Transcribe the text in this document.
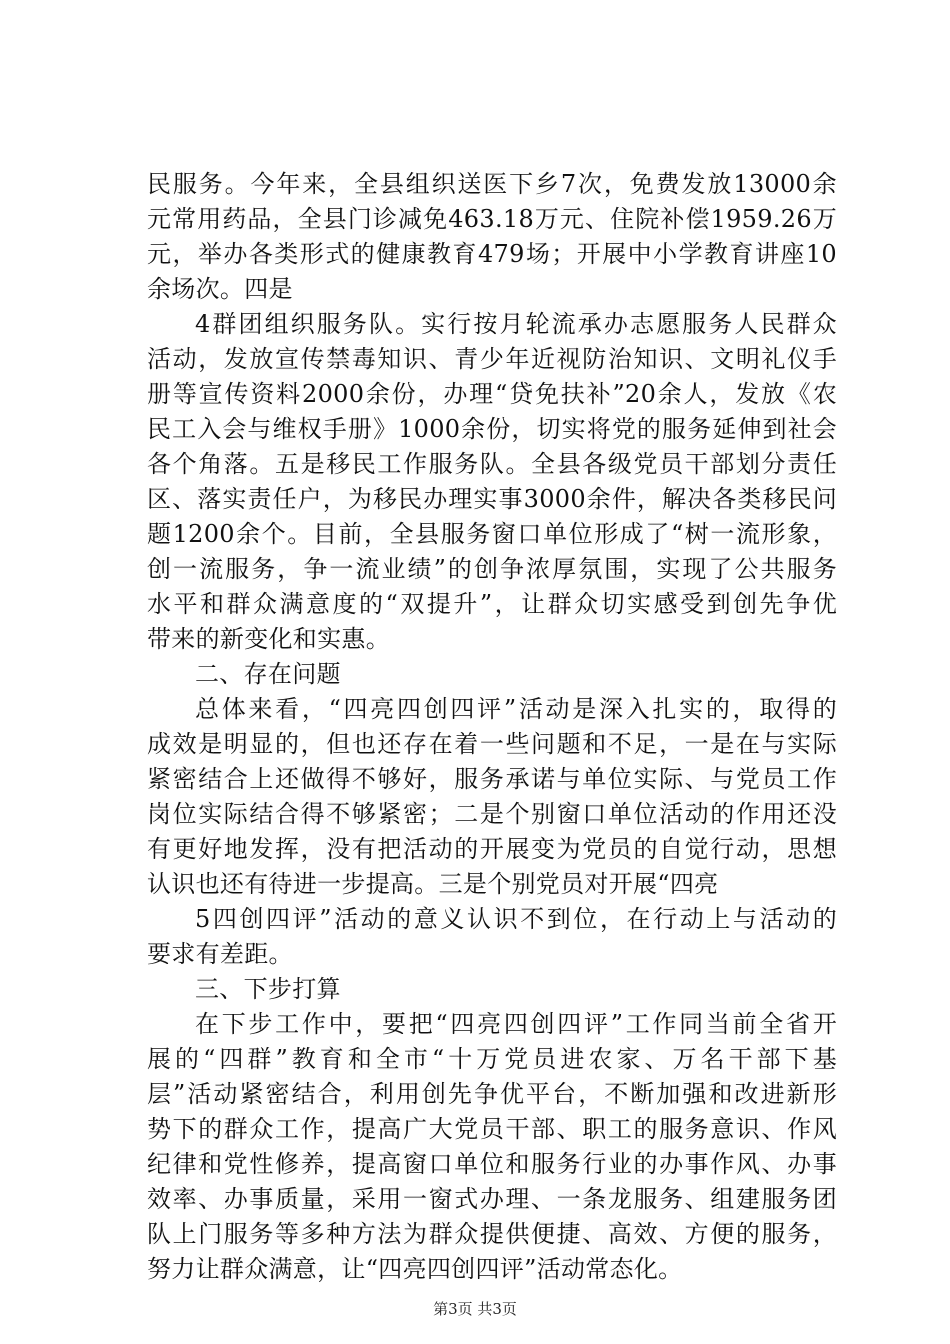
民服务。今年来，全县组织送医下乡7次，免费发放13000余
元常用药品，全县门诊减免463.18万元、住院补偿1959.26万
元，举办各类形式的健康教育479场；开展中小学教育讲座10
余场次。四是
4群团组织服务队。实行按月轮流承办志愿服务人民群众
活动，发放宣传禁毒知识、青少年近视防治知识、文明礼仪手
册等宣传资料2000余份，办理“贷免扶补”20余人，发放《农
民工入会与维权手册》1000余份，切实将党的服务延伸到社会
各个角落。五是移民工作服务队。全县各级党员干部划分责任
区、落实责任户，为移民办理实事3000余件，解决各类移民问
题1200余个。目前，全县服务窗口单位形成了“树一流形象，
创一流服务，争一流业绩”的创争浓厚氛围，实现了公共服务
水平和群众满意度的“双提升”，让群众切实感受到创先争优
带来的新变化和实惠。
二、存在问题
总体来看，“四亮四创四评”活动是深入扎实的，取得的
成效是明显的，但也还存在着一些问题和不足，一是在与实际
紧密结合上还做得不够好，服务承诺与单位实际、与党员工作
岗位实际结合得不够紧密；二是个别窗口单位活动的作用还没
有更好地发挥，没有把活动的开展变为党员的自觉行动，思想
认识也还有待进一步提高。三是个别党员对开展“四亮
5四创四评”活动的意义认识不到位，在行动上与活动的
要求有差距。
三、下步打算
在下步工作中，要把“四亮四创四评”工作同当前全省开
展的“四群”教育和全市“十万党员进农家、万名干部下基
层”活动紧密结合，利用创先争优平台，不断加强和改进新形
势下的群众工作，提高广大党员干部、职工的服务意识、作风
纪律和党性修养，提高窗口单位和服务行业的办事作风、办事
效率、办事质量，采用一窗式办理、一条龙服务、组建服务团
队上门服务等多种方法为群众提供便捷、高效、方便的服务，
努力让群众满意，让“四亮四创四评”活动常态化。
第3页 共3页
